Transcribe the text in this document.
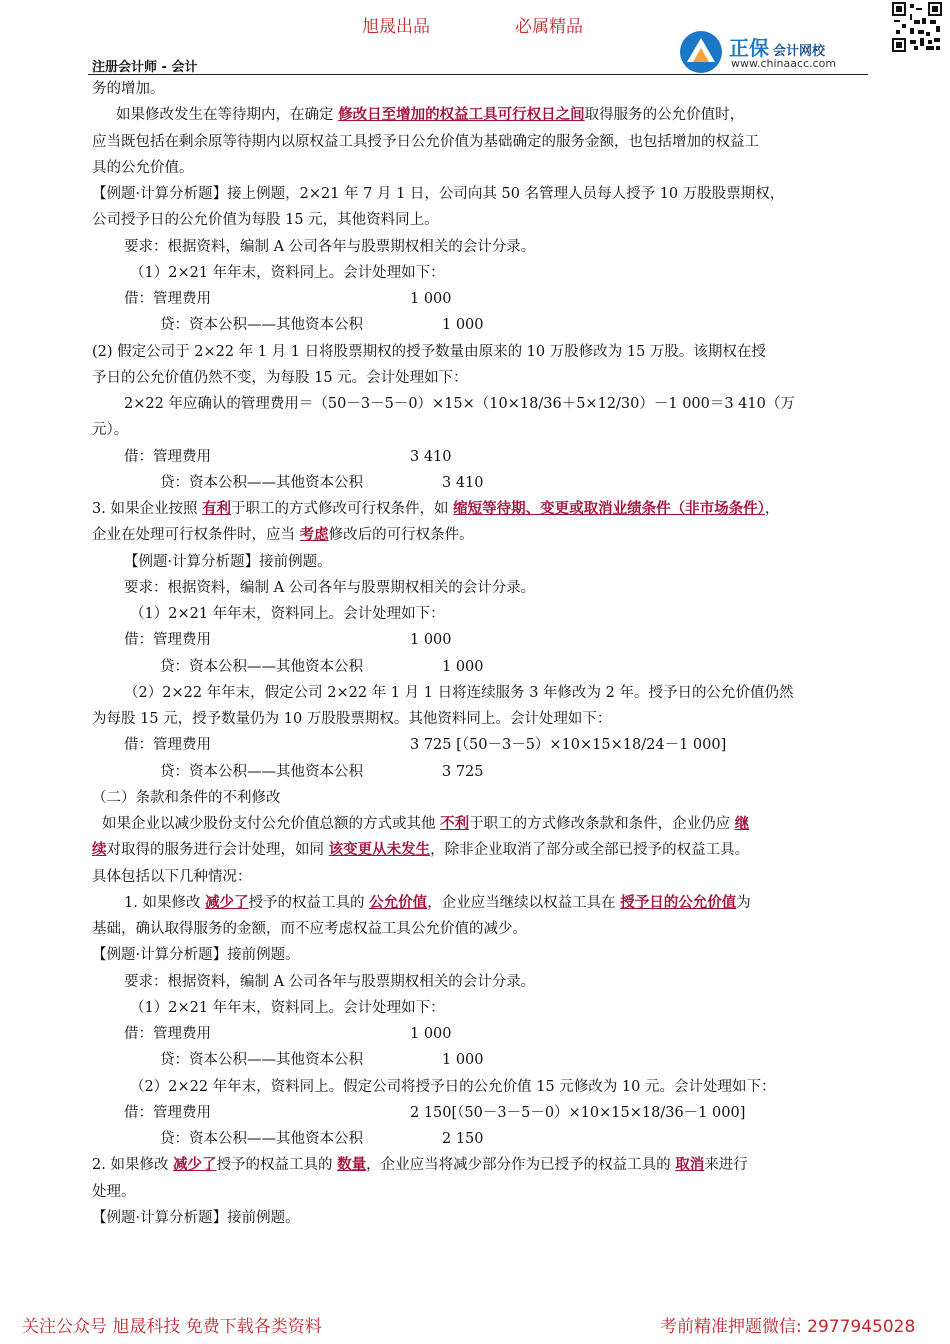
旭晟出品	必属精品
注册会计师 - 会计
正保 会计网校
www.chinaacc.com
务的增加。
如果修改发生在等待期内，在确定 修改日至增加的权益工具可行权日之间取得服务的公允价值时，
应当既包括在剩余原等待期内以原权益工具授予日公允价值为基础确定的服务金额，也包括增加的权益工
具的公允价值。
【例题·计算分析题】接上例题，2×21 年 7 月 1 日，公司向其 50 名管理人员每人授予 10 万股股票期权，
公司授予日的公允价值为每股 15 元，其他资料同上。
要求：根据资料，编制 A 公司各年与股票期权相关的会计分录。
（1）2×21 年年末，资料同上。会计处理如下：
借：管理费用	1 000
贷：资本公积——其他资本公积	1 000
(2) 假定公司于 2×22 年 1 月 1 日将股票期权的授予数量由原来的 10 万股修改为 15 万股。该期权在授
予日的公允价值仍然不变，为每股 15 元。会计处理如下：
2×22 年应确认的管理费用＝（50－3－5－0）×15×（10×18/36＋5×12/30）－1 000＝3 410（万
元）。
借：管理费用	3 410
贷：资本公积——其他资本公积	3 410
3. 如果企业按照 有利于职工的方式修改可行权条件，如 缩短等待期、变更或取消业绩条件（非市场条件），
企业在处理可行权条件时，应当 考虑修改后的可行权条件。
【例题·计算分析题】接前例题。
要求：根据资料，编制 A 公司各年与股票期权相关的会计分录。
（1）2×21 年年末，资料同上。会计处理如下：
借：管理费用	1 000
贷：资本公积——其他资本公积	1 000
（2）2×22 年年末，假定公司 2×22 年 1 月 1 日将连续服务 3 年修改为 2 年。授予日的公允价值仍然
为每股 15 元，授予数量仍为 10 万股股票期权。其他资料同上。会计处理如下：
借：管理费用	3 725 [（50－3－5）×10×15×18/24－1 000]
贷：资本公积——其他资本公积	3 725
（二）条款和条件的不利修改
如果企业以减少股份支付公允价值总额的方式或其他 不利于职工的方式修改条款和条件，企业仍应 继
续对取得的服务进行会计处理，如同 该变更从未发生，除非企业取消了部分或全部已授予的权益工具。
具体包括以下几种情况：
1. 如果修改 减少了授予的权益工具的 公允价值，企业应当继续以权益工具在 授予日的公允价值为
基础，确认取得服务的金额，而不应考虑权益工具公允价值的减少。
【例题·计算分析题】接前例题。
要求：根据资料，编制 A 公司各年与股票期权相关的会计分录。
（1）2×21 年年末，资料同上。会计处理如下：
借：管理费用	1 000
贷：资本公积——其他资本公积	1 000
（2）2×22 年年末，资料同上。假定公司将授予日的公允价值 15 元修改为 10 元。会计处理如下：
借：管理费用	2 150[（50－3－5－0）×10×15×18/36－1 000]
贷：资本公积——其他资本公积	2 150
2. 如果修改 减少了授予的权益工具的 数量，企业应当将减少部分作为已授予的权益工具的 取消来进行
处理。
【例题·计算分析题】接前例题。
关注公众号 旭晟科技 免费下载各类资料	考前精准押题微信: 2977945028
